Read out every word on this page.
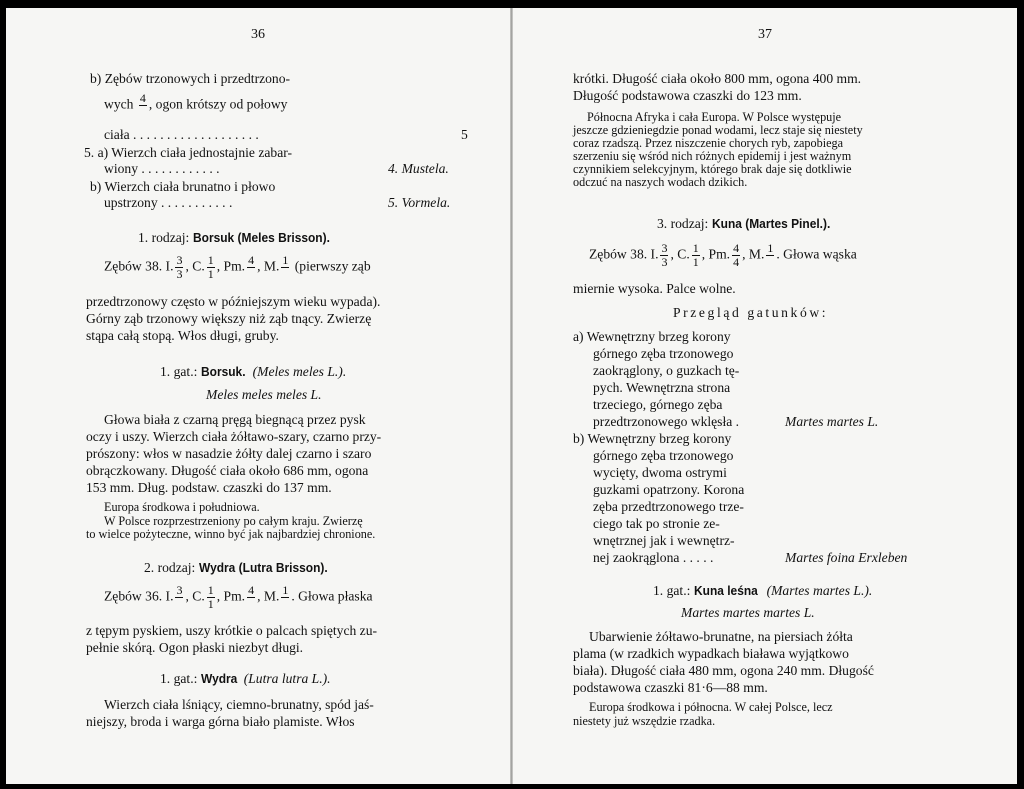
36
b) Zębów trzonowych i przedtrzono-
wych 4
, ogon krótszy od połowy
ciała . . . . . . . . . . . . . . . . . . .	5
5. a) Wierzch ciała jednostajnie zabar-
wiony . . . . . . . . . . . .	4. Mustela.
b) Wierzch ciała brunatno i płowo
upstrzony . . . . . . . . . . .	5. Vormela.
1. rodzaj: Borsuk (Meles Brisson).
Zębów 38. I. $\frac{3}{3}$ , C. $\frac{1}{1}$ , Pm. 4
, M. 1
(pierwszy ząb
przedtrzonowy często w późniejszym wieku wypada).
Górny ząb trzonowy większy niż ząb tnący. Zwierzę
stąpa całą stopą. Włos długi, gruby.
1. gat.: Borsuk. (Meles meles L.).
Meles meles meles L.
Głowa biała z czarną pręgą biegnącą przez pysk
oczy i uszy. Wierzch ciała żółtawo-szary, czarno przy-
prószony: włos w nasadzie żółty dalej czarno i szaro
obrączkowany. Długość ciała około 686 mm, ogona
153 mm. Dług. podstaw. czaszki do 137 mm.
Europa środkowa i południowa.
W Polsce rozprzestrzeniony po całym kraju. Zwierzę
to wielce pożyteczne, winno być jak najbardziej chronione.
2. rodzaj: Wydra (Lutra Brisson).
Zębów 36. I. 3
, C. $\frac{1}{1}$ , Pm. 4
, M. 1
. Głowa płaska
z tępym pyskiem, uszy krótkie o palcach spiętych zu-
pełnie skórą. Ogon płaski niezbyt długi.
1. gat.: Wydra (Lutra lutra L.).
Wierzch ciała lśniący, ciemno-brunatny, spód jaś-
niejszy, broda i warga górna biało plamiste. Włos
37
krótki. Długość ciała około 800 mm, ogona 400 mm.
Długość podstawowa czaszki do 123 mm.
Północna Afryka i cała Europa. W Polsce występuje
jeszcze gdzieniegdzie ponad wodami, lecz staje się niestety
coraz rzadszą. Przez niszczenie chorych ryb, zapobiega
szerzeniu się wśród nich różnych epidemij i jest ważnym
czynnikiem selekcyjnym, którego brak daje się dotkliwie
odczuć na naszych wodach dzikich.
3. rodzaj: Kuna (Martes Pinel.).
Zębów 38. I. $\frac{3}{3}$ , C. $\frac{1}{1}$ , Pm. $\frac{4}{4}$ , M. 1
. Głowa wąska
miernie wysoka. Palce wolne.
Przegląd gatunków:
a) Wewnętrzny brzeg korony
górnego zęba trzonowego
zaokrąglony, o guzkach tę-
pych. Wewnętrzna strona
trzeciego, górnego zęba
przedtrzonowego wklęsła .	Martes martes L.
b) Wewnętrzny brzeg korony
górnego zęba trzonowego
wycięty, dwoma ostrymi
guzkami opatrzony. Korona
zęba przedtrzonowego trze-
ciego tak po stronie ze-
wnętrznej jak i wewnętrz-
nej zaokrąglona . . . . .	Martes foina Erxleben
1. gat.: Kuna leśna (Martes martes L.).
Martes martes martes L.
Ubarwienie żółtawo-brunatne, na piersiach żółta
plama (w rzadkich wypadkach biaława wyjątkowo
biała). Długość ciała 480 mm, ogona 240 mm. Długość
podstawowa czaszki 81·6—88 mm.
Europa środkowa i północna. W całej Polsce, lecz
niestety już wszędzie rzadka.
